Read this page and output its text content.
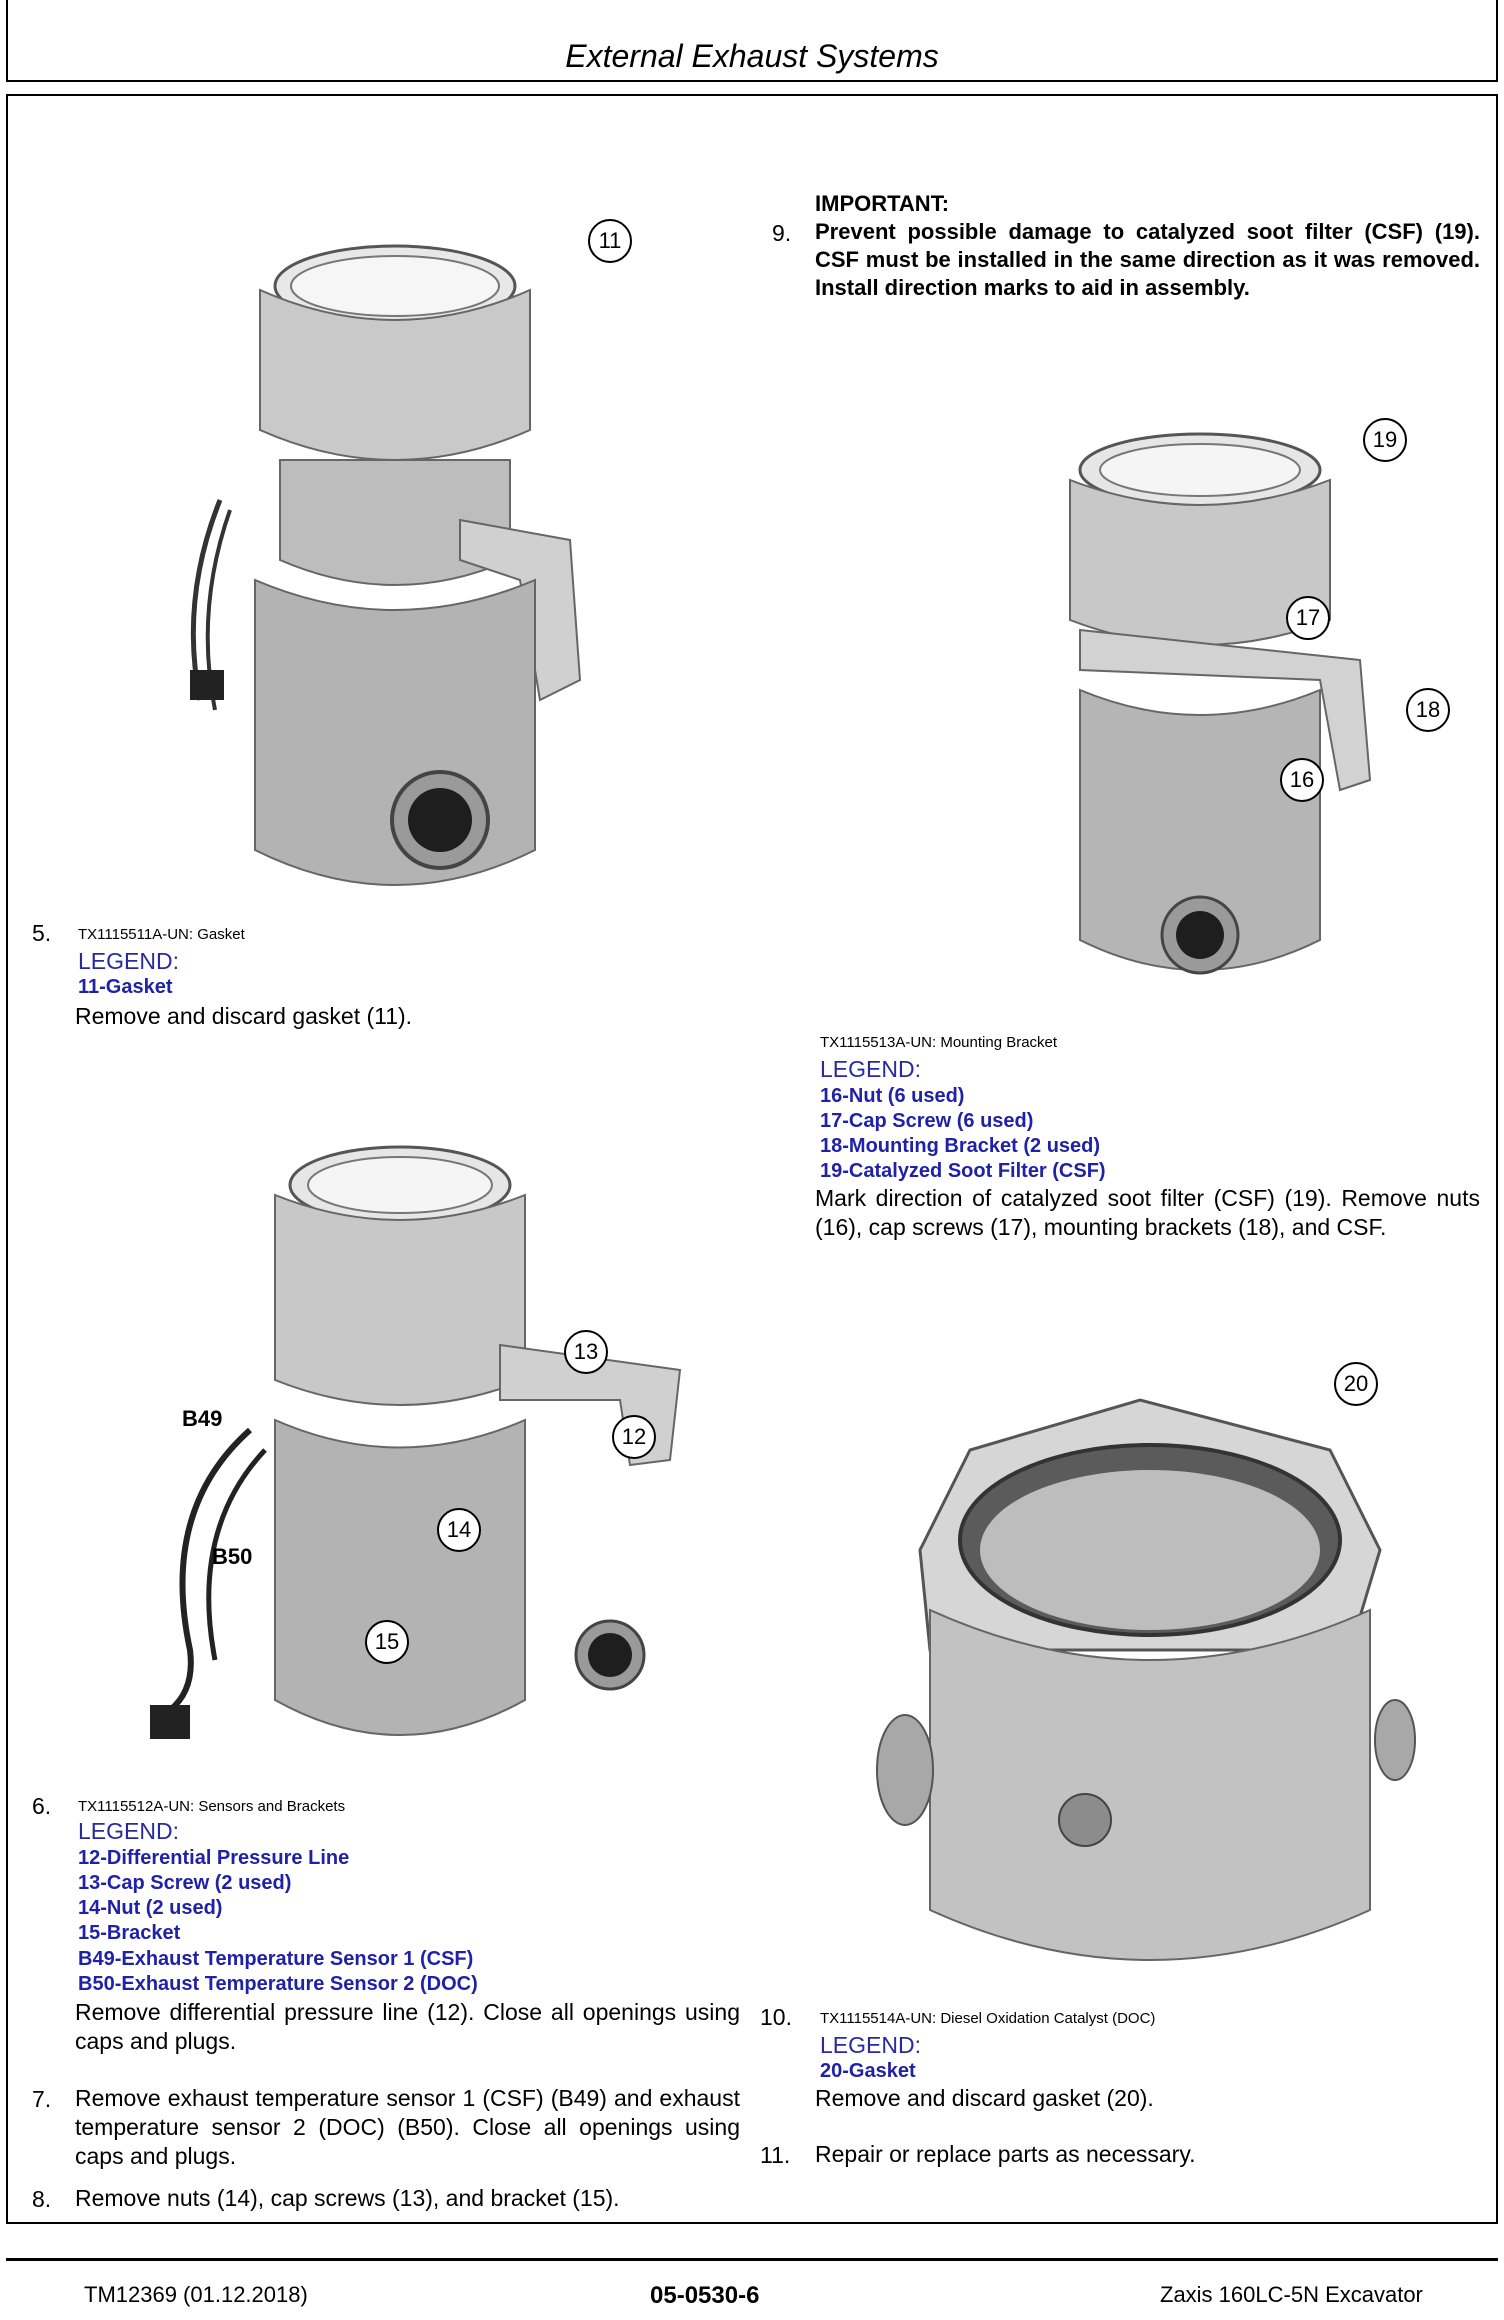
External Exhaust Systems
11
IMPORTANT:
9. Prevent possible damage to catalyzed soot filter (CSF) (19). CSF must be installed in the same direction as it was removed. Install direction marks to aid in assembly.
19
17
18
16
5. TX1115511A-UN: Gasket
LEGEND:
11-Gasket
Remove and discard gasket (11).
TX1115513A-UN: Mounting Bracket
LEGEND:
16-Nut (6 used)
17-Cap Screw (6 used)
18-Mounting Bracket (2 used)
19-Catalyzed Soot Filter (CSF)
Mark direction of catalyzed soot filter (CSF) (19). Remove nuts (16), cap screws (17), mounting brackets (18), and CSF.
13
12
14
15
B49
B50
20
6. TX1115512A-UN: Sensors and Brackets
LEGEND:
12-Differential Pressure Line
13-Cap Screw (2 used)
14-Nut (2 used)
15-Bracket
B49-Exhaust Temperature Sensor 1 (CSF)
B50-Exhaust Temperature Sensor 2 (DOC)
Remove differential pressure line (12). Close all openings using caps and plugs.
7. Remove exhaust temperature sensor 1 (CSF) (B49) and exhaust temperature sensor 2 (DOC) (B50). Close all openings using caps and plugs.
8. Remove nuts (14), cap screws (13), and bracket (15).
10. TX1115514A-UN: Diesel Oxidation Catalyst (DOC)
LEGEND:
20-Gasket
Remove and discard gasket (20).
11. Repair or replace parts as necessary.
TM12369 (01.12.2018)	05-0530-6	Zaxis 160LC-5N Excavator
